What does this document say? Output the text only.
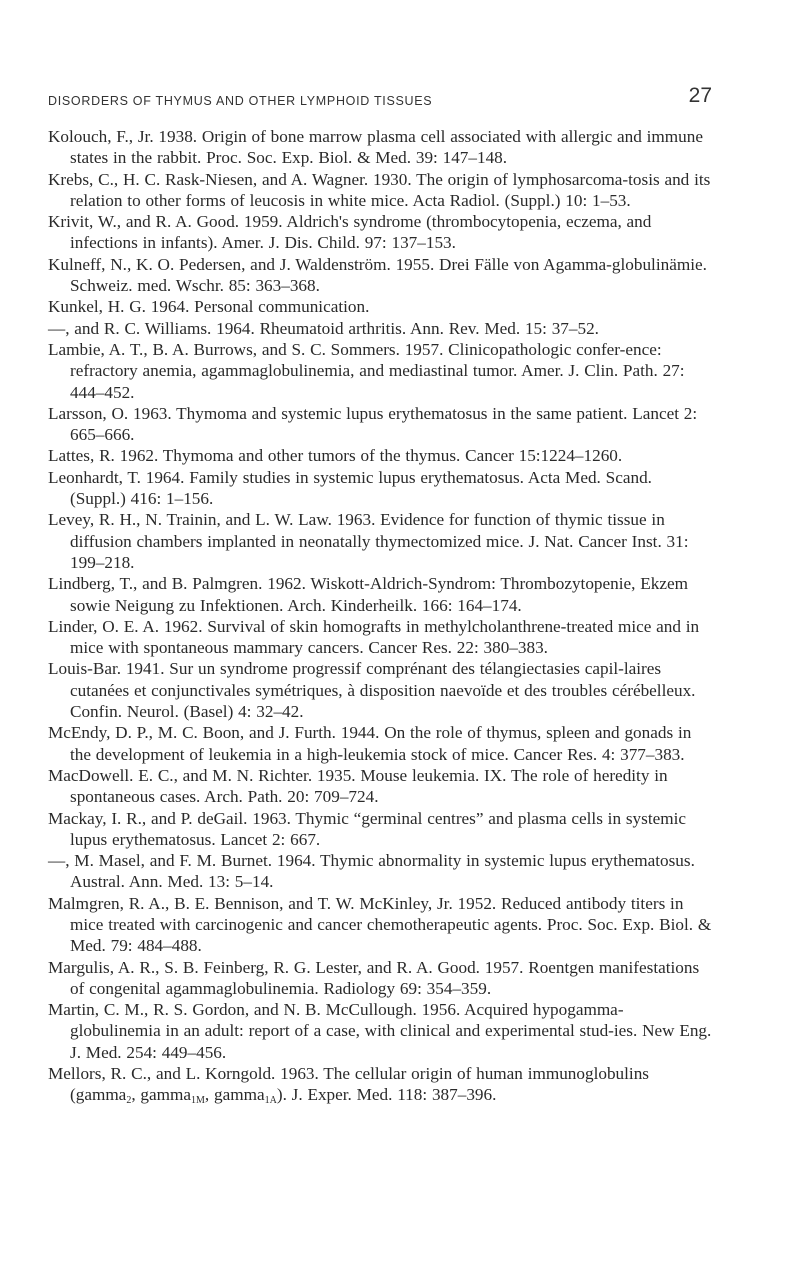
DISORDERS OF THYMUS AND OTHER LYMPHOID TISSUES	27

Kolouch, F., Jr. 1938. Origin of bone marrow plasma cell associated with allergic and immune states in the rabbit. Proc. Soc. Exp. Biol. & Med. 39: 147–148.

Krebs, C., H. C. Rask-Niesen, and A. Wagner. 1930. The origin of lymphosarcoma-tosis and its relation to other forms of leucosis in white mice. Acta Radiol. (Suppl.) 10: 1–53.

Krivit, W., and R. A. Good. 1959. Aldrich's syndrome (thrombocytopenia, eczema, and infections in infants). Amer. J. Dis. Child. 97: 137–153.

Kulneff, N., K. O. Pedersen, and J. Waldenström. 1955. Drei Fälle von Agamma-globulinämie. Schweiz. med. Wschr. 85: 363–368.

Kunkel, H. G. 1964. Personal communication.

—, and R. C. Williams. 1964. Rheumatoid arthritis. Ann. Rev. Med. 15: 37–52.

Lambie, A. T., B. A. Burrows, and S. C. Sommers. 1957. Clinicopathologic confer-ence: refractory anemia, agammaglobulinemia, and mediastinal tumor. Amer. J. Clin. Path. 27: 444–452.

Larsson, O. 1963. Thymoma and systemic lupus erythematosus in the same patient. Lancet 2: 665–666.

Lattes, R. 1962. Thymoma and other tumors of the thymus. Cancer 15:1224–1260.

Leonhardt, T. 1964. Family studies in systemic lupus erythematosus. Acta Med. Scand. (Suppl.) 416: 1–156.

Levey, R. H., N. Trainin, and L. W. Law. 1963. Evidence for function of thymic tissue in diffusion chambers implanted in neonatally thymectomized mice. J. Nat. Cancer Inst. 31: 199–218.

Lindberg, T., and B. Palmgren. 1962. Wiskott-Aldrich-Syndrom: Thrombozytopenie, Ekzem sowie Neigung zu Infektionen. Arch. Kinderheilk. 166: 164–174.

Linder, O. E. A. 1962. Survival of skin homografts in methylcholanthrene-treated mice and in mice with spontaneous mammary cancers. Cancer Res. 22: 380–383.

Louis-Bar. 1941. Sur un syndrome progressif comprénant des télangiectasies capil-laires cutanées et conjunctivales symétriques, à disposition naevoïde et des troubles cérébelleux. Confin. Neurol. (Basel) 4: 32–42.

McEndy, D. P., M. C. Boon, and J. Furth. 1944. On the role of thymus, spleen and gonads in the development of leukemia in a high-leukemia stock of mice. Cancer Res. 4: 377–383.

MacDowell. E. C., and M. N. Richter. 1935. Mouse leukemia. IX. The role of heredity in spontaneous cases. Arch. Path. 20: 709–724.

Mackay, I. R., and P. deGail. 1963. Thymic “germinal centres” and plasma cells in systemic lupus erythematosus. Lancet 2: 667.

—, M. Masel, and F. M. Burnet. 1964. Thymic abnormality in systemic lupus erythematosus. Austral. Ann. Med. 13: 5–14.

Malmgren, R. A., B. E. Bennison, and T. W. McKinley, Jr. 1952. Reduced antibody titers in mice treated with carcinogenic and cancer chemotherapeutic agents. Proc. Soc. Exp. Biol. & Med. 79: 484–488.

Margulis, A. R., S. B. Feinberg, R. G. Lester, and R. A. Good. 1957. Roentgen manifestations of congenital agammaglobulinemia. Radiology 69: 354–359.

Martin, C. M., R. S. Gordon, and N. B. McCullough. 1956. Acquired hypogamma-globulinemia in an adult: report of a case, with clinical and experimental stud-ies. New Eng. J. Med. 254: 449–456.

Mellors, R. C., and L. Korngold. 1963. The cellular origin of human immunoglobulins (gamma$_2$, gamma$_{1M}$, gamma$_{1A}$). J. Exper. Med. 118: 387–396.
